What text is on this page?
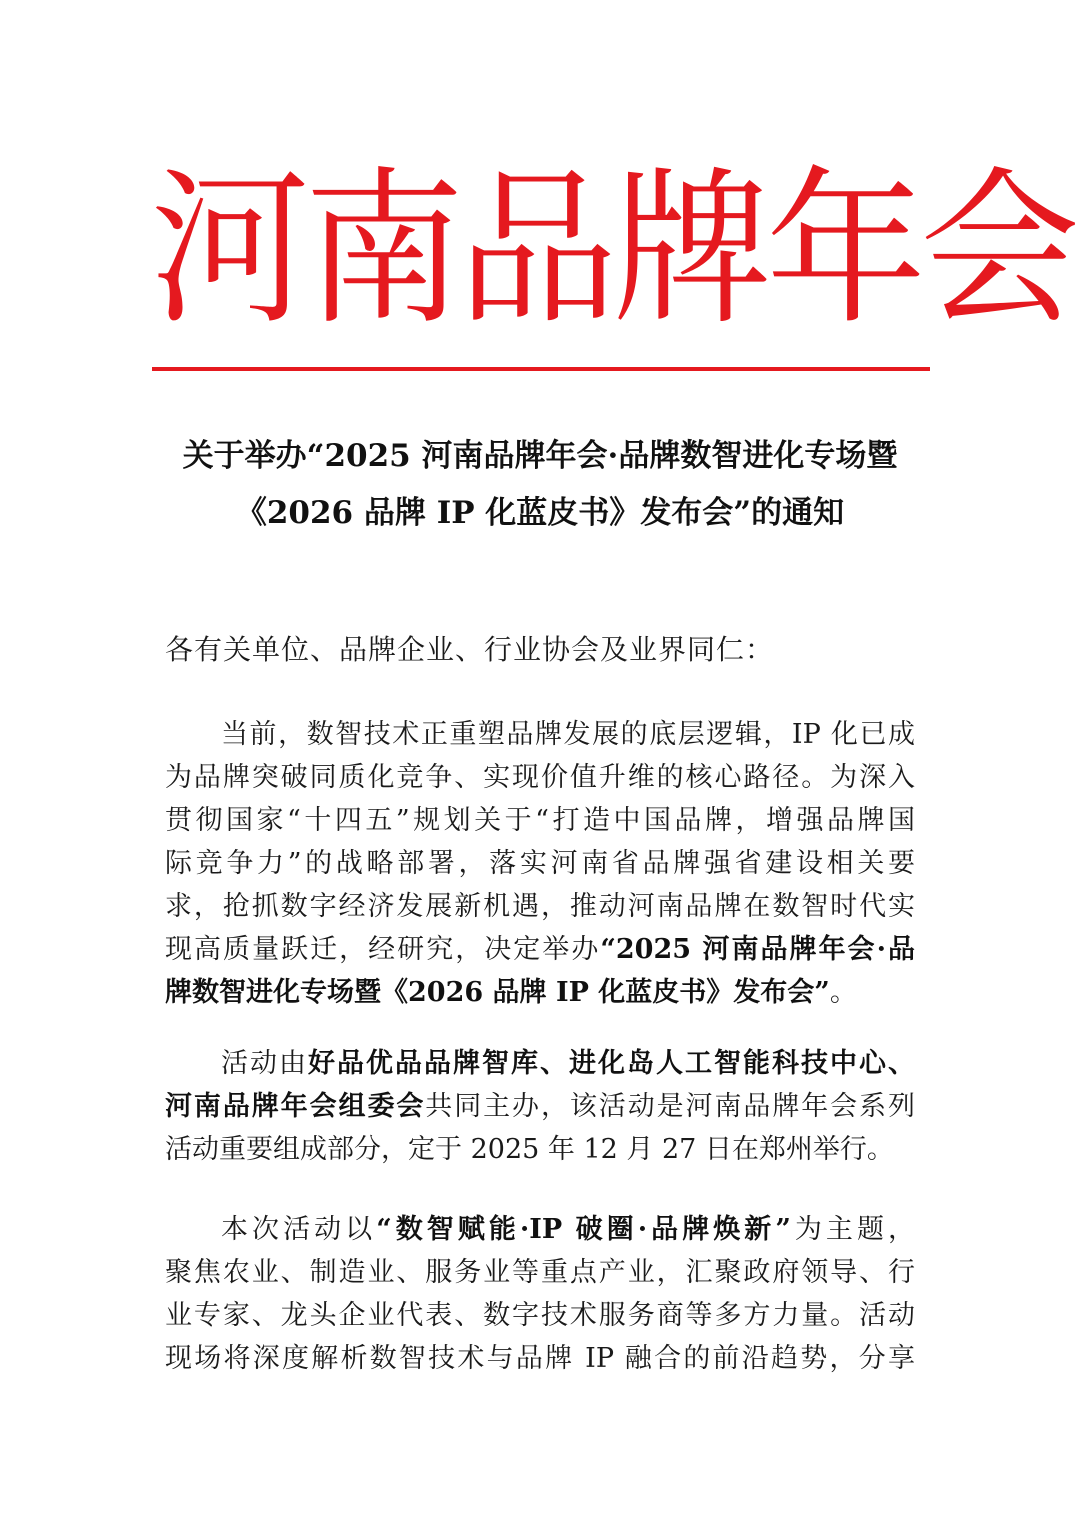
河南品牌年会
关于举办“2025 河南品牌年会·品牌数智进化专场暨
《2026 品牌 IP 化蓝皮书》发布会”的通知
各有关单位、品牌企业、行业协会及业界同仁：
当前，数智技术正重塑品牌发展的底层逻辑，IP 化已成
为品牌突破同质化竞争、实现价值升维的核心路径。为深入
贯彻国家“十四五”规划关于“打造中国品牌，增强品牌国
际竞争力”的战略部署，落实河南省品牌强省建设相关要
求，抢抓数字经济发展新机遇，推动河南品牌在数智时代实
现高质量跃迁，经研究，决定举办“2025 河南品牌年会·品
牌数智进化专场暨《2026 品牌 IP 化蓝皮书》发布会”。
活动由好品优品品牌智库、进化岛人工智能科技中心、
河南品牌年会组委会共同主办，该活动是河南品牌年会系列
活动重要组成部分，定于 2025 年 12 月 27 日在郑州举行。
本次活动以“数智赋能·IP 破圈·品牌焕新”为主题，
聚焦农业、制造业、服务业等重点产业，汇聚政府领导、行
业专家、龙头企业代表、数字技术服务商等多方力量。活动
现场将深度解析数智技术与品牌 IP 融合的前沿趋势，分享
